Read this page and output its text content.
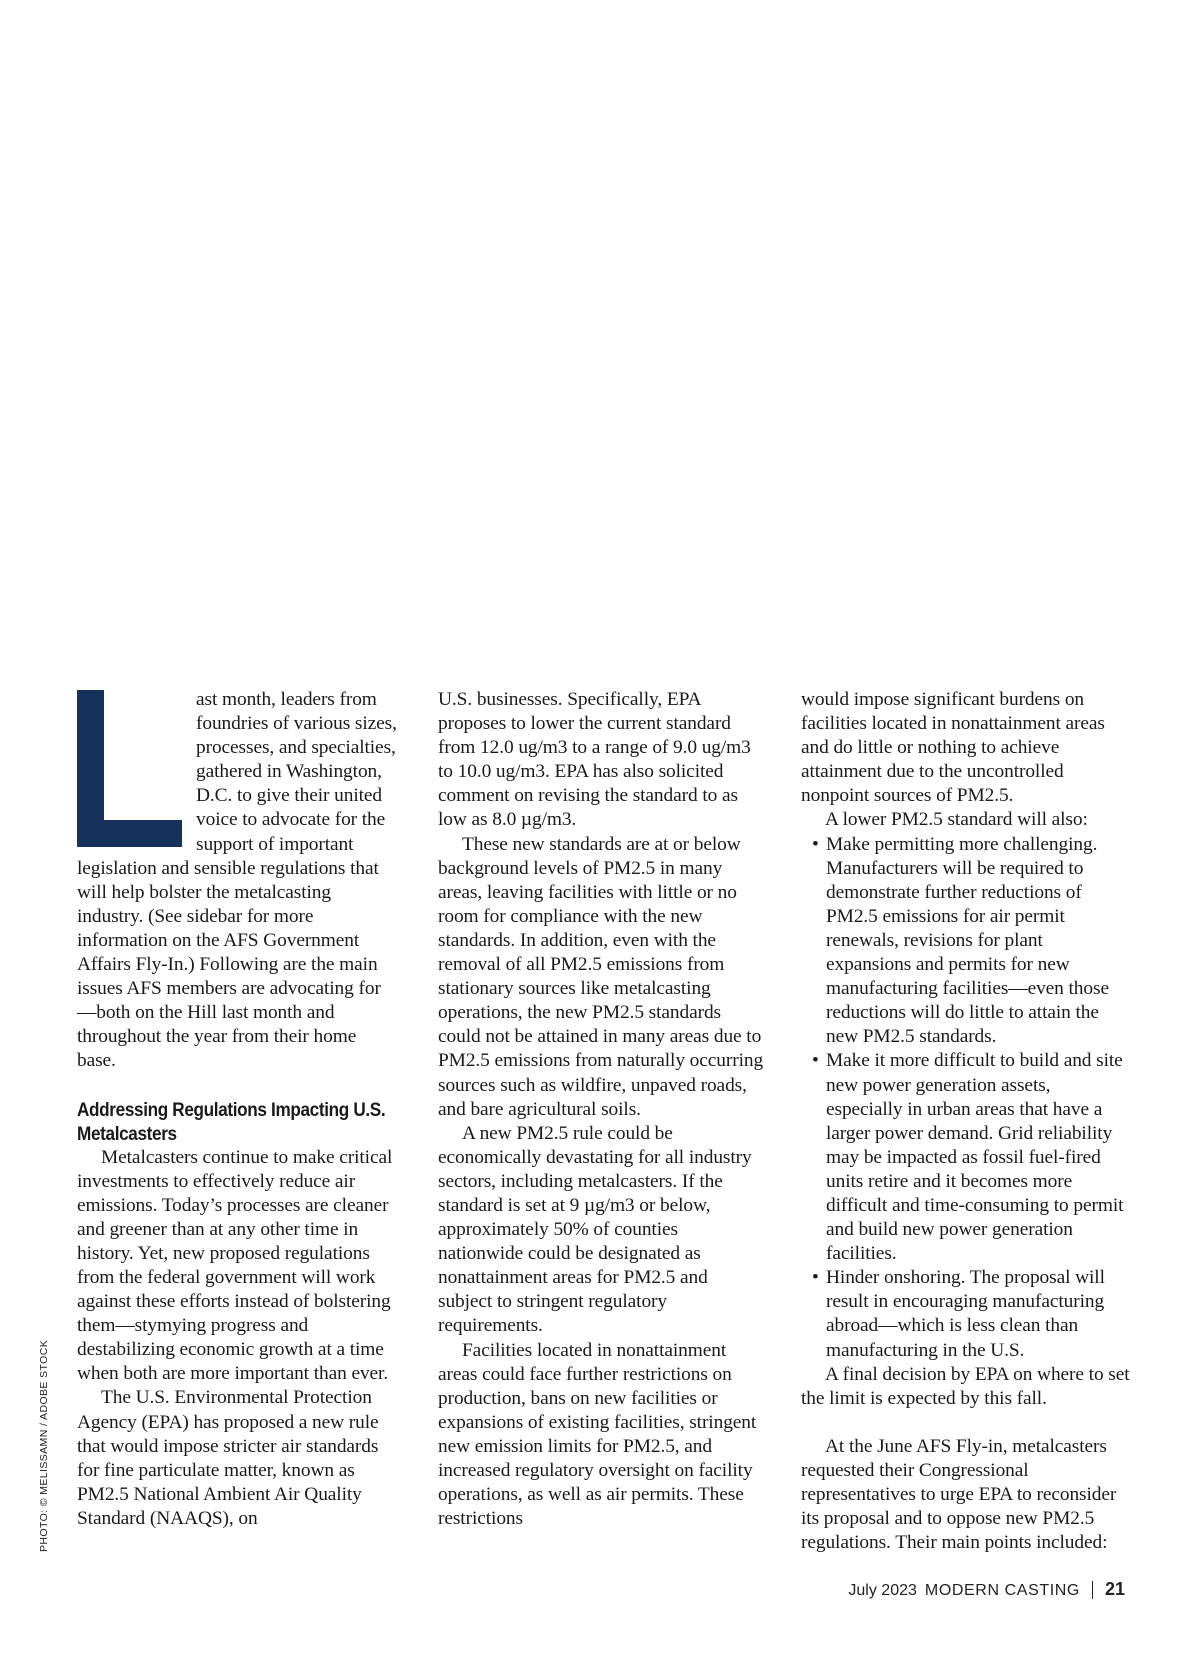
PHOTO: © MELISSAMN / ADOBE STOCK

ast month, leaders from foundries of various sizes, processes, and specialties, gathered in Washington, D.C. to give their united voice to advocate for the support of important legislation and sensible regulations that will help bolster the metalcasting industry. (See sidebar for more information on the AFS Government Affairs Fly-In.) Following are the main issues AFS members are advocating for—both on the Hill last month and throughout the year from their home base.

Addressing Regulations Impacting U.S. Metalcasters

Metalcasters continue to make critical investments to effectively reduce air emissions. Today’s processes are cleaner and greener than at any other time in history. Yet, new proposed regulations from the federal government will work against these efforts instead of bolstering them—stymying progress and destabilizing economic growth at a time when both are more important than ever.

The U.S. Environmental Protection Agency (EPA) has proposed a new rule that would impose stricter air standards for fine particulate matter, known as PM2.5 National Ambient Air Quality Standard (NAAQS), on

U.S. businesses. Specifically, EPA proposes to lower the current standard from 12.0 ug/m3 to a range of 9.0 ug/m3 to 10.0 ug/m3. EPA has also solicited comment on revising the standard to as low as 8.0 µg/m3.

These new standards are at or below background levels of PM2.5 in many areas, leaving facilities with little or no room for compliance with the new standards. In addition, even with the removal of all PM2.5 emissions from stationary sources like metalcasting operations, the new PM2.5 standards could not be attained in many areas due to PM2.5 emissions from naturally occurring sources such as wildfire, unpaved roads, and bare agricultural soils.

A new PM2.5 rule could be economically devastating for all industry sectors, including metalcasters. If the standard is set at 9 µg/m3 or below, approximately 50% of counties nationwide could be designated as nonattainment areas for PM2.5 and subject to stringent regulatory requirements.

Facilities located in nonattainment areas could face further restrictions on production, bans on new facilities or expansions of existing facilities, stringent new emission limits for PM2.5, and increased regulatory oversight on facility operations, as well as air permits. These restrictions

would impose significant burdens on facilities located in nonattainment areas and do little or nothing to achieve attainment due to the uncontrolled nonpoint sources of PM2.5.

A lower PM2.5 standard will also:

• Make permitting more challenging. Manufacturers will be required to demonstrate further reductions of PM2.5 emissions for air permit renewals, revisions for plant expansions and permits for new manufacturing facilities—even those reductions will do little to attain the new PM2.5 standards.
• Make it more difficult to build and site new power generation assets, especially in urban areas that have a larger power demand. Grid reliability may be impacted as fossil fuel-fired units retire and it becomes more difficult and time-consuming to permit and build new power generation facilities.
• Hinder onshoring. The proposal will result in encouraging manufacturing abroad—which is less clean than manufacturing in the U.S.

A final decision by EPA on where to set the limit is expected by this fall.

At the June AFS Fly-in, metalcasters requested their Congressional representatives to urge EPA to reconsider its proposal and to oppose new PM2.5 regulations. Their main points included:

July 2023 MODERN CASTING 21
